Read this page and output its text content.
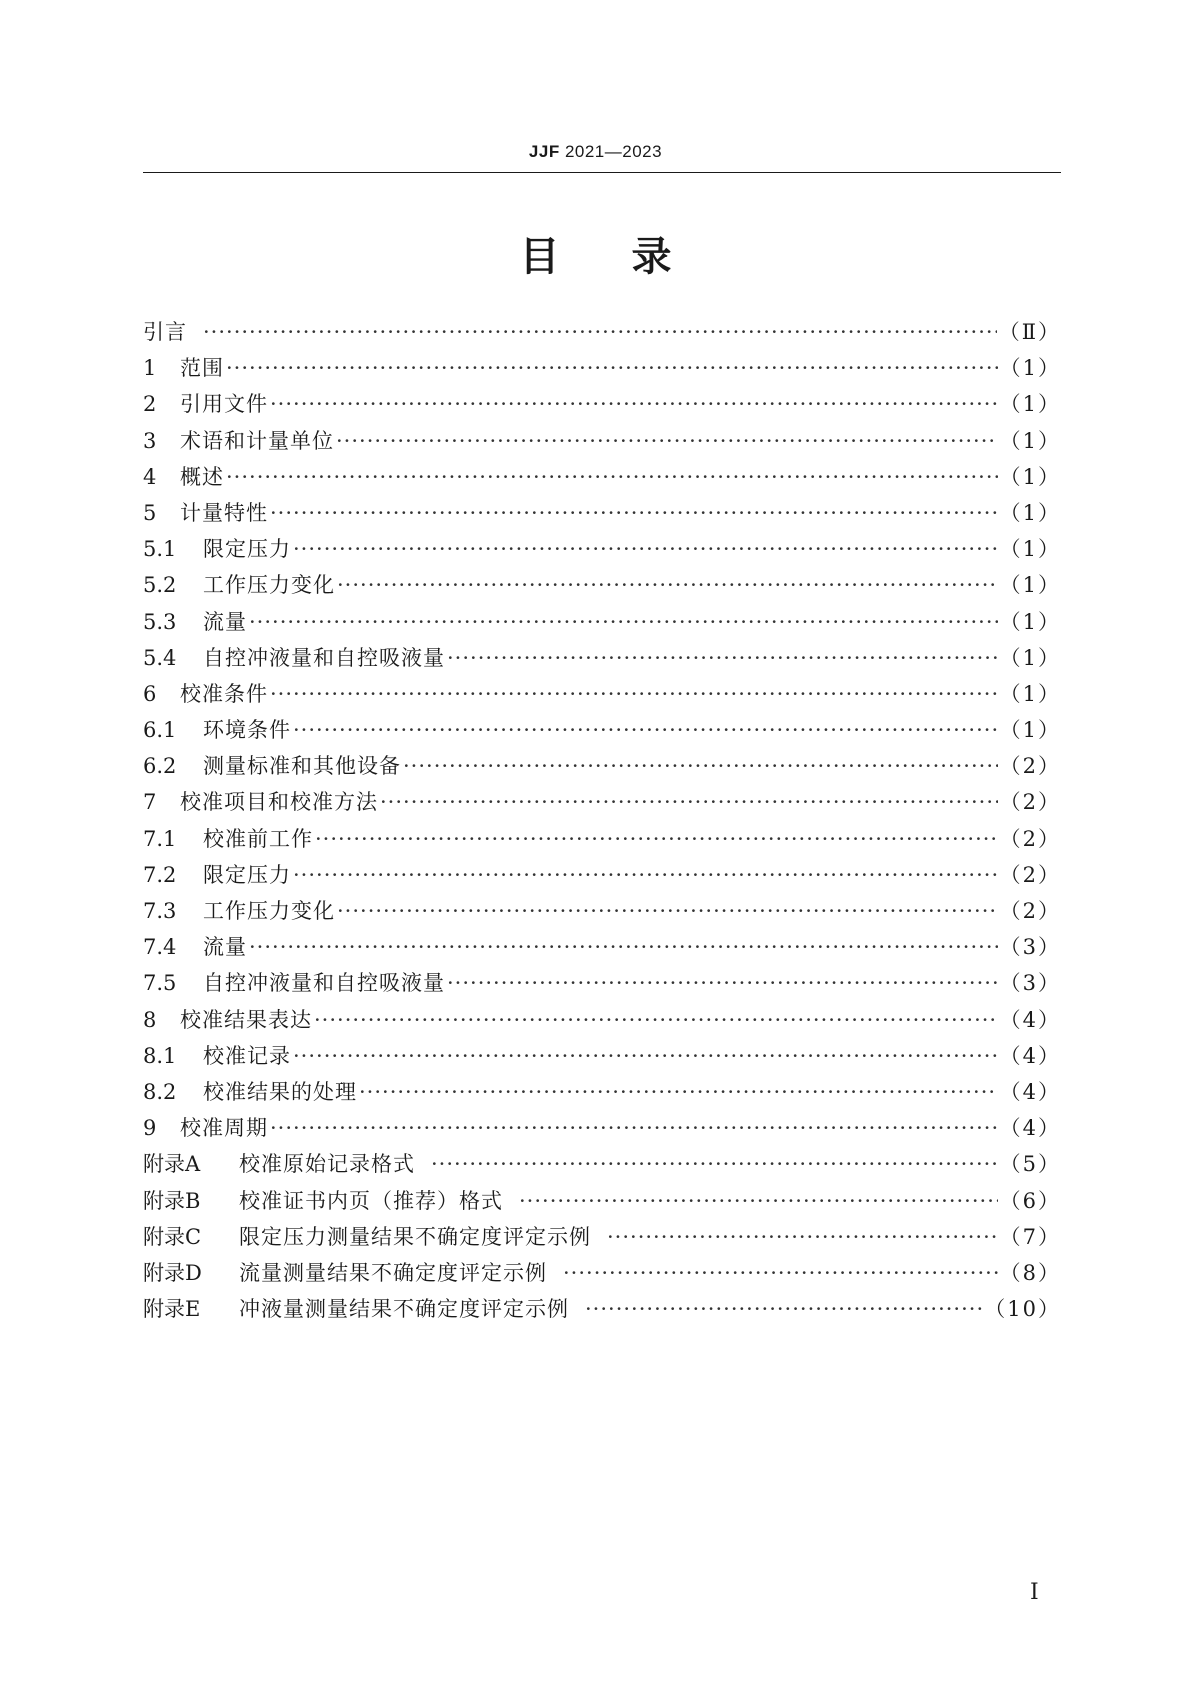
JJF 2021—2023
目录
引言 ·····	（Ⅱ）
1	范围 ·····	（1）
2	引用文件 ·····	（1）
3	术语和计量单位 ·····	（1）
4	概述 ·····	（1）
5	计量特性 ·····	（1）
5.1	限定压力 ·····	（1）
5.2	工作压力变化 ·····	（1）
5.3	流量 ·····	（1）
5.4	自控冲液量和自控吸液量 ·····	（1）
6	校准条件 ·····	（1）
6.1	环境条件 ·····	（1）
6.2	测量标准和其他设备 ·····	（2）
7	校准项目和校准方法 ·····	（2）
7.1	校准前工作 ·····	（2）
7.2	限定压力 ·····	（2）
7.3	工作压力变化 ·····	（2）
7.4	流量 ·····	（3）
7.5	自控冲液量和自控吸液量 ·····	（3）
8	校准结果表达 ·····	（4）
8.1	校准记录 ·····	（4）
8.2	校准结果的处理 ·····	（4）
9	校准周期 ·····	（4）
附录A	校准原始记录格式 ·····	（5）
附录B	校准证书内页（推荐）格式 ·····	（6）
附录C	限定压力测量结果不确定度评定示例 ·····	（7）
附录D	流量测量结果不确定度评定示例 ·····	（8）
附录E	冲液量测量结果不确定度评定示例 ·····	（10）
Ⅰ
